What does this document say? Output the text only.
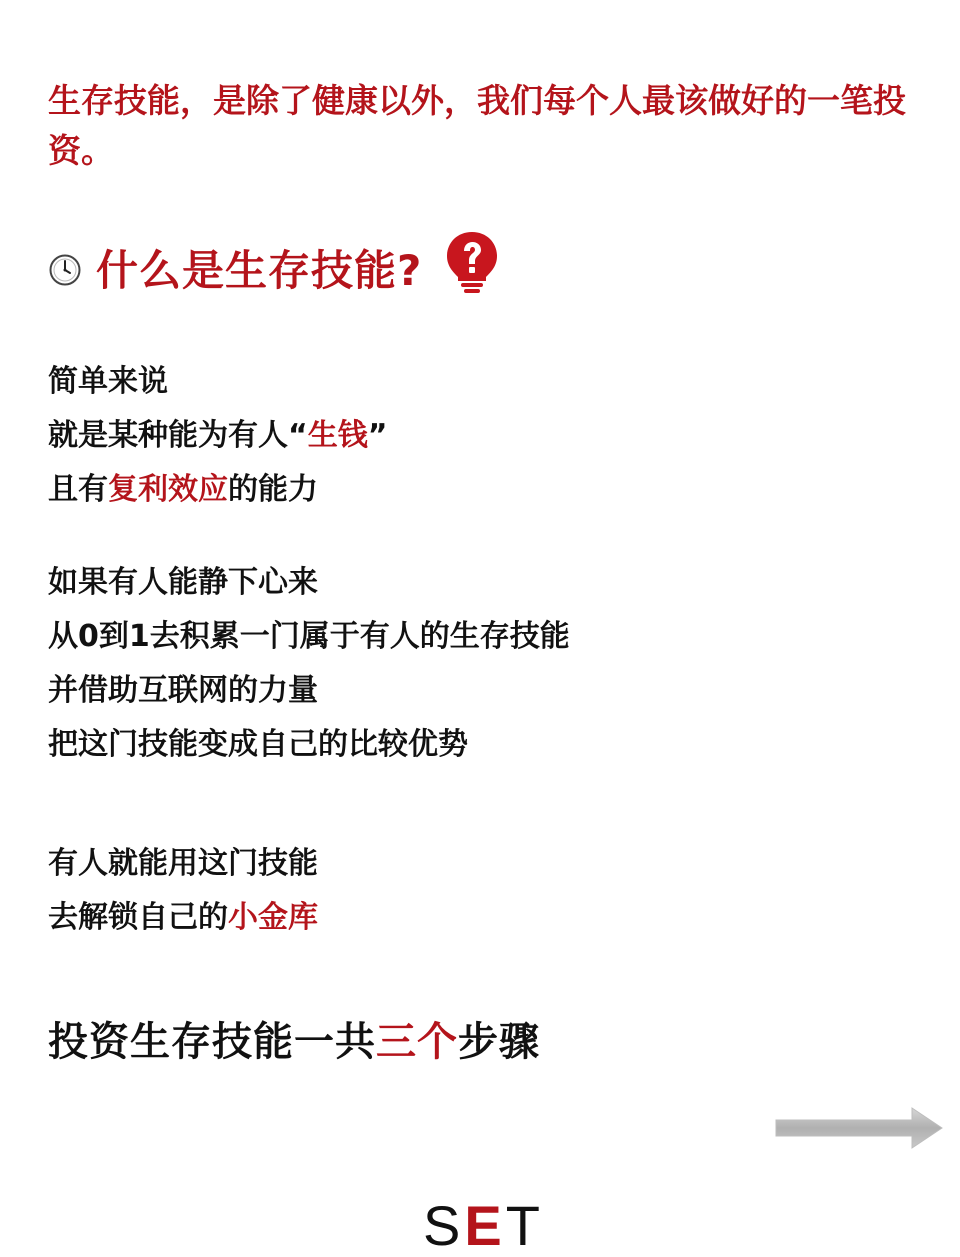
生存技能，是除了健康以外，我们每个人最该做好的一笔投资。
什么是生存技能?
简单来说
就是某种能为有人“生钱”
且有复利效应的能力
如果有人能静下心来
从0到1去积累一门属于有人的生存技能
并借助互联网的力量
把这门技能变成自己的比较优势
有人就能用这门技能
去解锁自己的小金库
投资生存技能一共三个步骤
SET
